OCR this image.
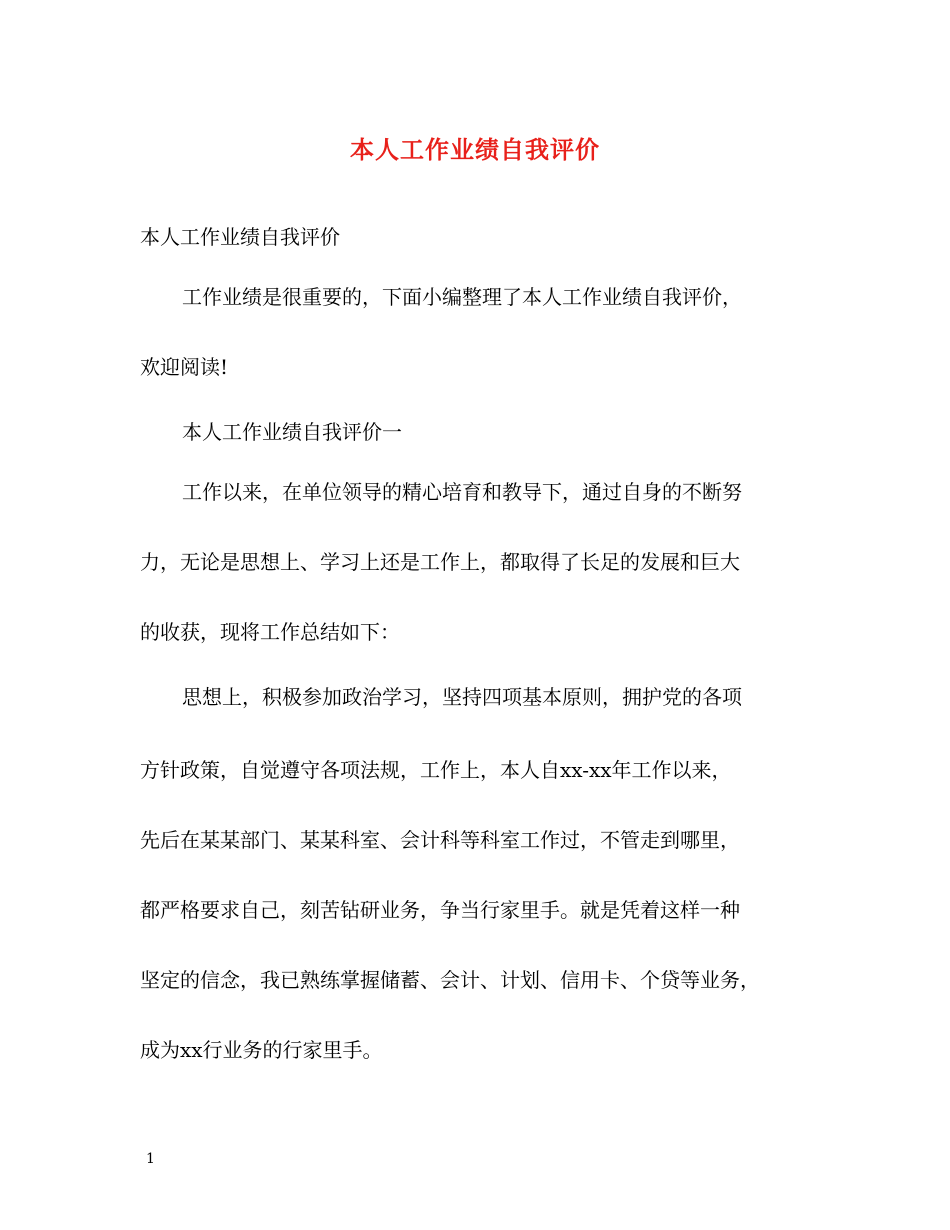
本人工作业绩自我评价
本人工作业绩自我评价
工作业绩是很重要的，下面小编整理了本人工作业绩自我评价，
欢迎阅读!
本人工作业绩自我评价一
工作以来，在单位领导的精心培育和教导下，通过自身的不断努
力，无论是思想上、学习上还是工作上，都取得了长足的发展和巨大
的收获，现将工作总结如下：
思想上，积极参加政治学习，坚持四项基本原则，拥护党的各项
方针政策，自觉遵守各项法规，工作上，本人自xx-xx年工作以来，
先后在某某部门、某某科室、会计科等科室工作过，不管走到哪里，
都严格要求自己，刻苦钻研业务，争当行家里手。就是凭着这样一种
坚定的信念，我已熟练掌握储蓄、会计、计划、信用卡、个贷等业务，
成为xx行业务的行家里手。
1
